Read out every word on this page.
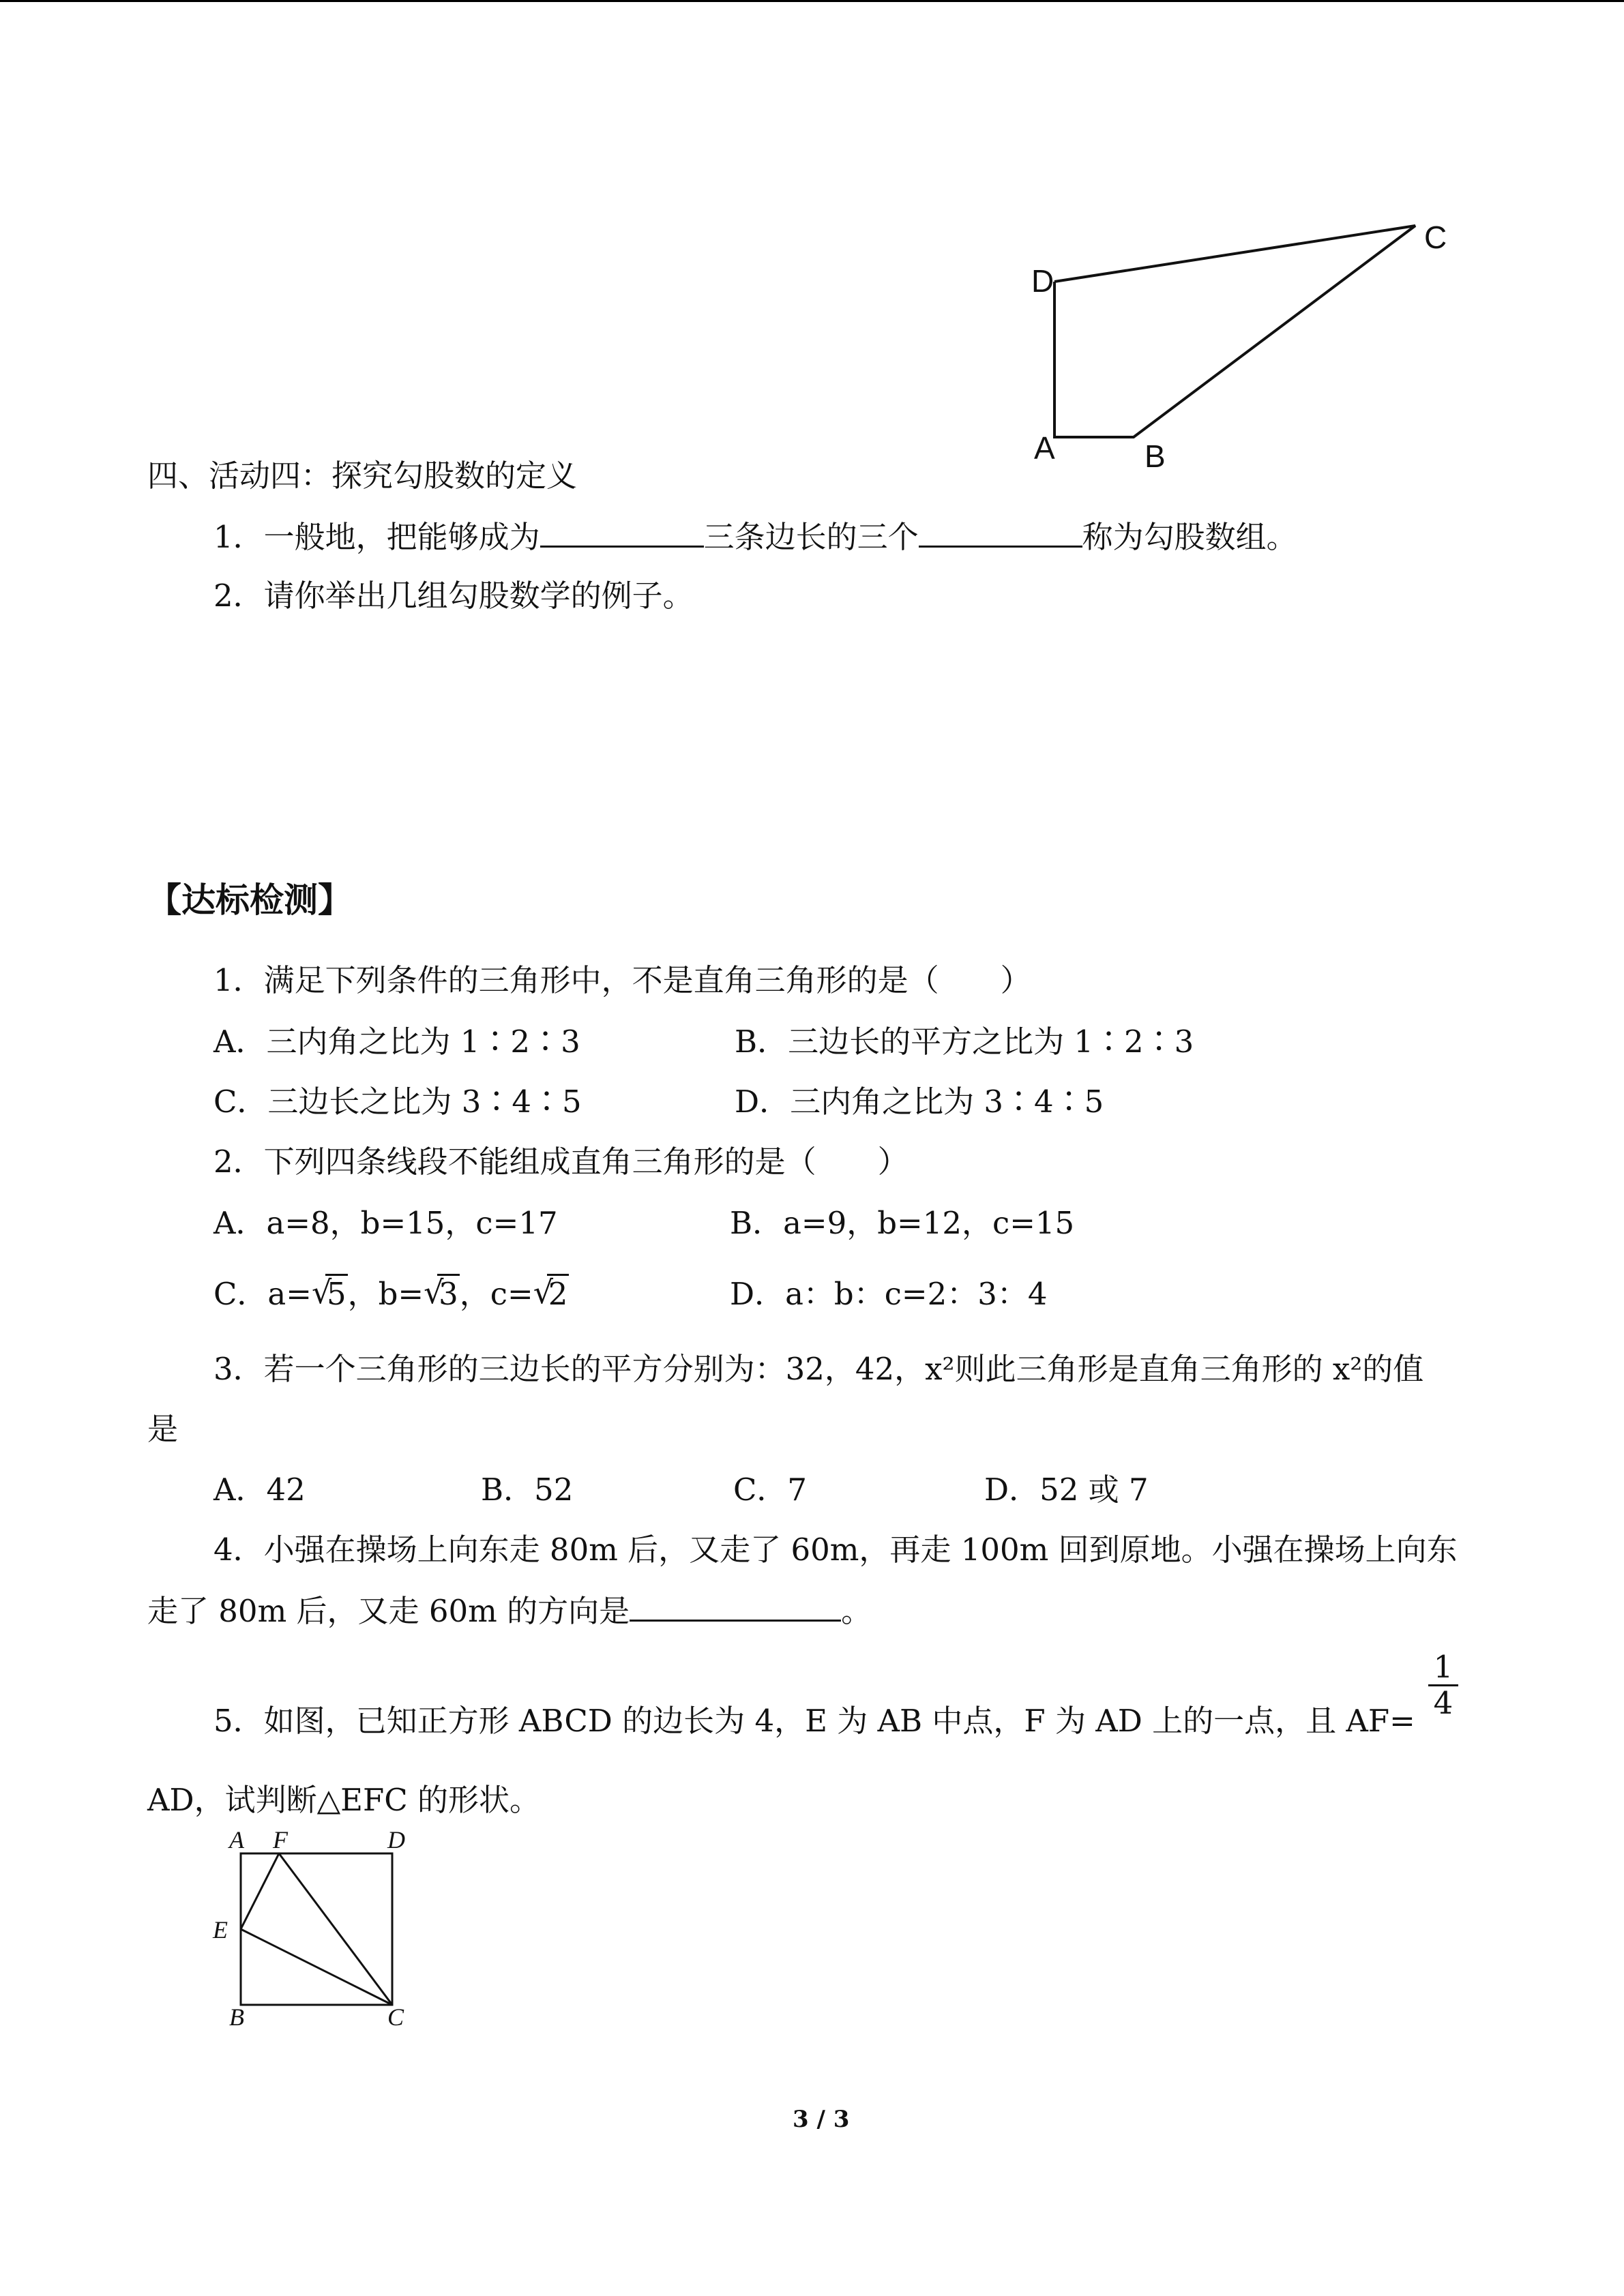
D
A	B
C
四、活动四：探究勾股数的定义
1．一般地，把能够成为	三条边长的三个	称为勾股数组。
2．请你举出几组勾股数学的例子。
【达标检测】
1．满足下列条件的三角形中，不是直角三角形的是（　　）
A．三内角之比为 1∶2∶3	B．三边长的平方之比为 1∶2∶3
C．三边长之比为 3∶4∶5	D．三内角之比为 3∶4∶5
2．下列四条线段不能组成直角三角形的是（　　）
A．a=8，b=15，c=17	B．a=9，b=12，c=15
C．a= √
5，b= √
3，c= √
2	D．a：b：c=2：3：4
3．若一个三角形的三边长的平方分别为：32，42，x²则此三角形是直角三角形的 x²的值
是
A．42	B．52	C．7	D．52 或 7
4．小强在操场上向东走 80m 后，又走了 60m，再走 100m 回到原地。小强在操场上向东
走了 80m 后，又走 60m 的方向是	。
5．如图，已知正方形 ABCD 的边长为 4，E 为 AB 中点，F 为 AD 上的一点，且 AF=
$\frac{1}{4}$
AD，试判断△EFC 的形状。
A F	D
E
B	C
3 / 3
